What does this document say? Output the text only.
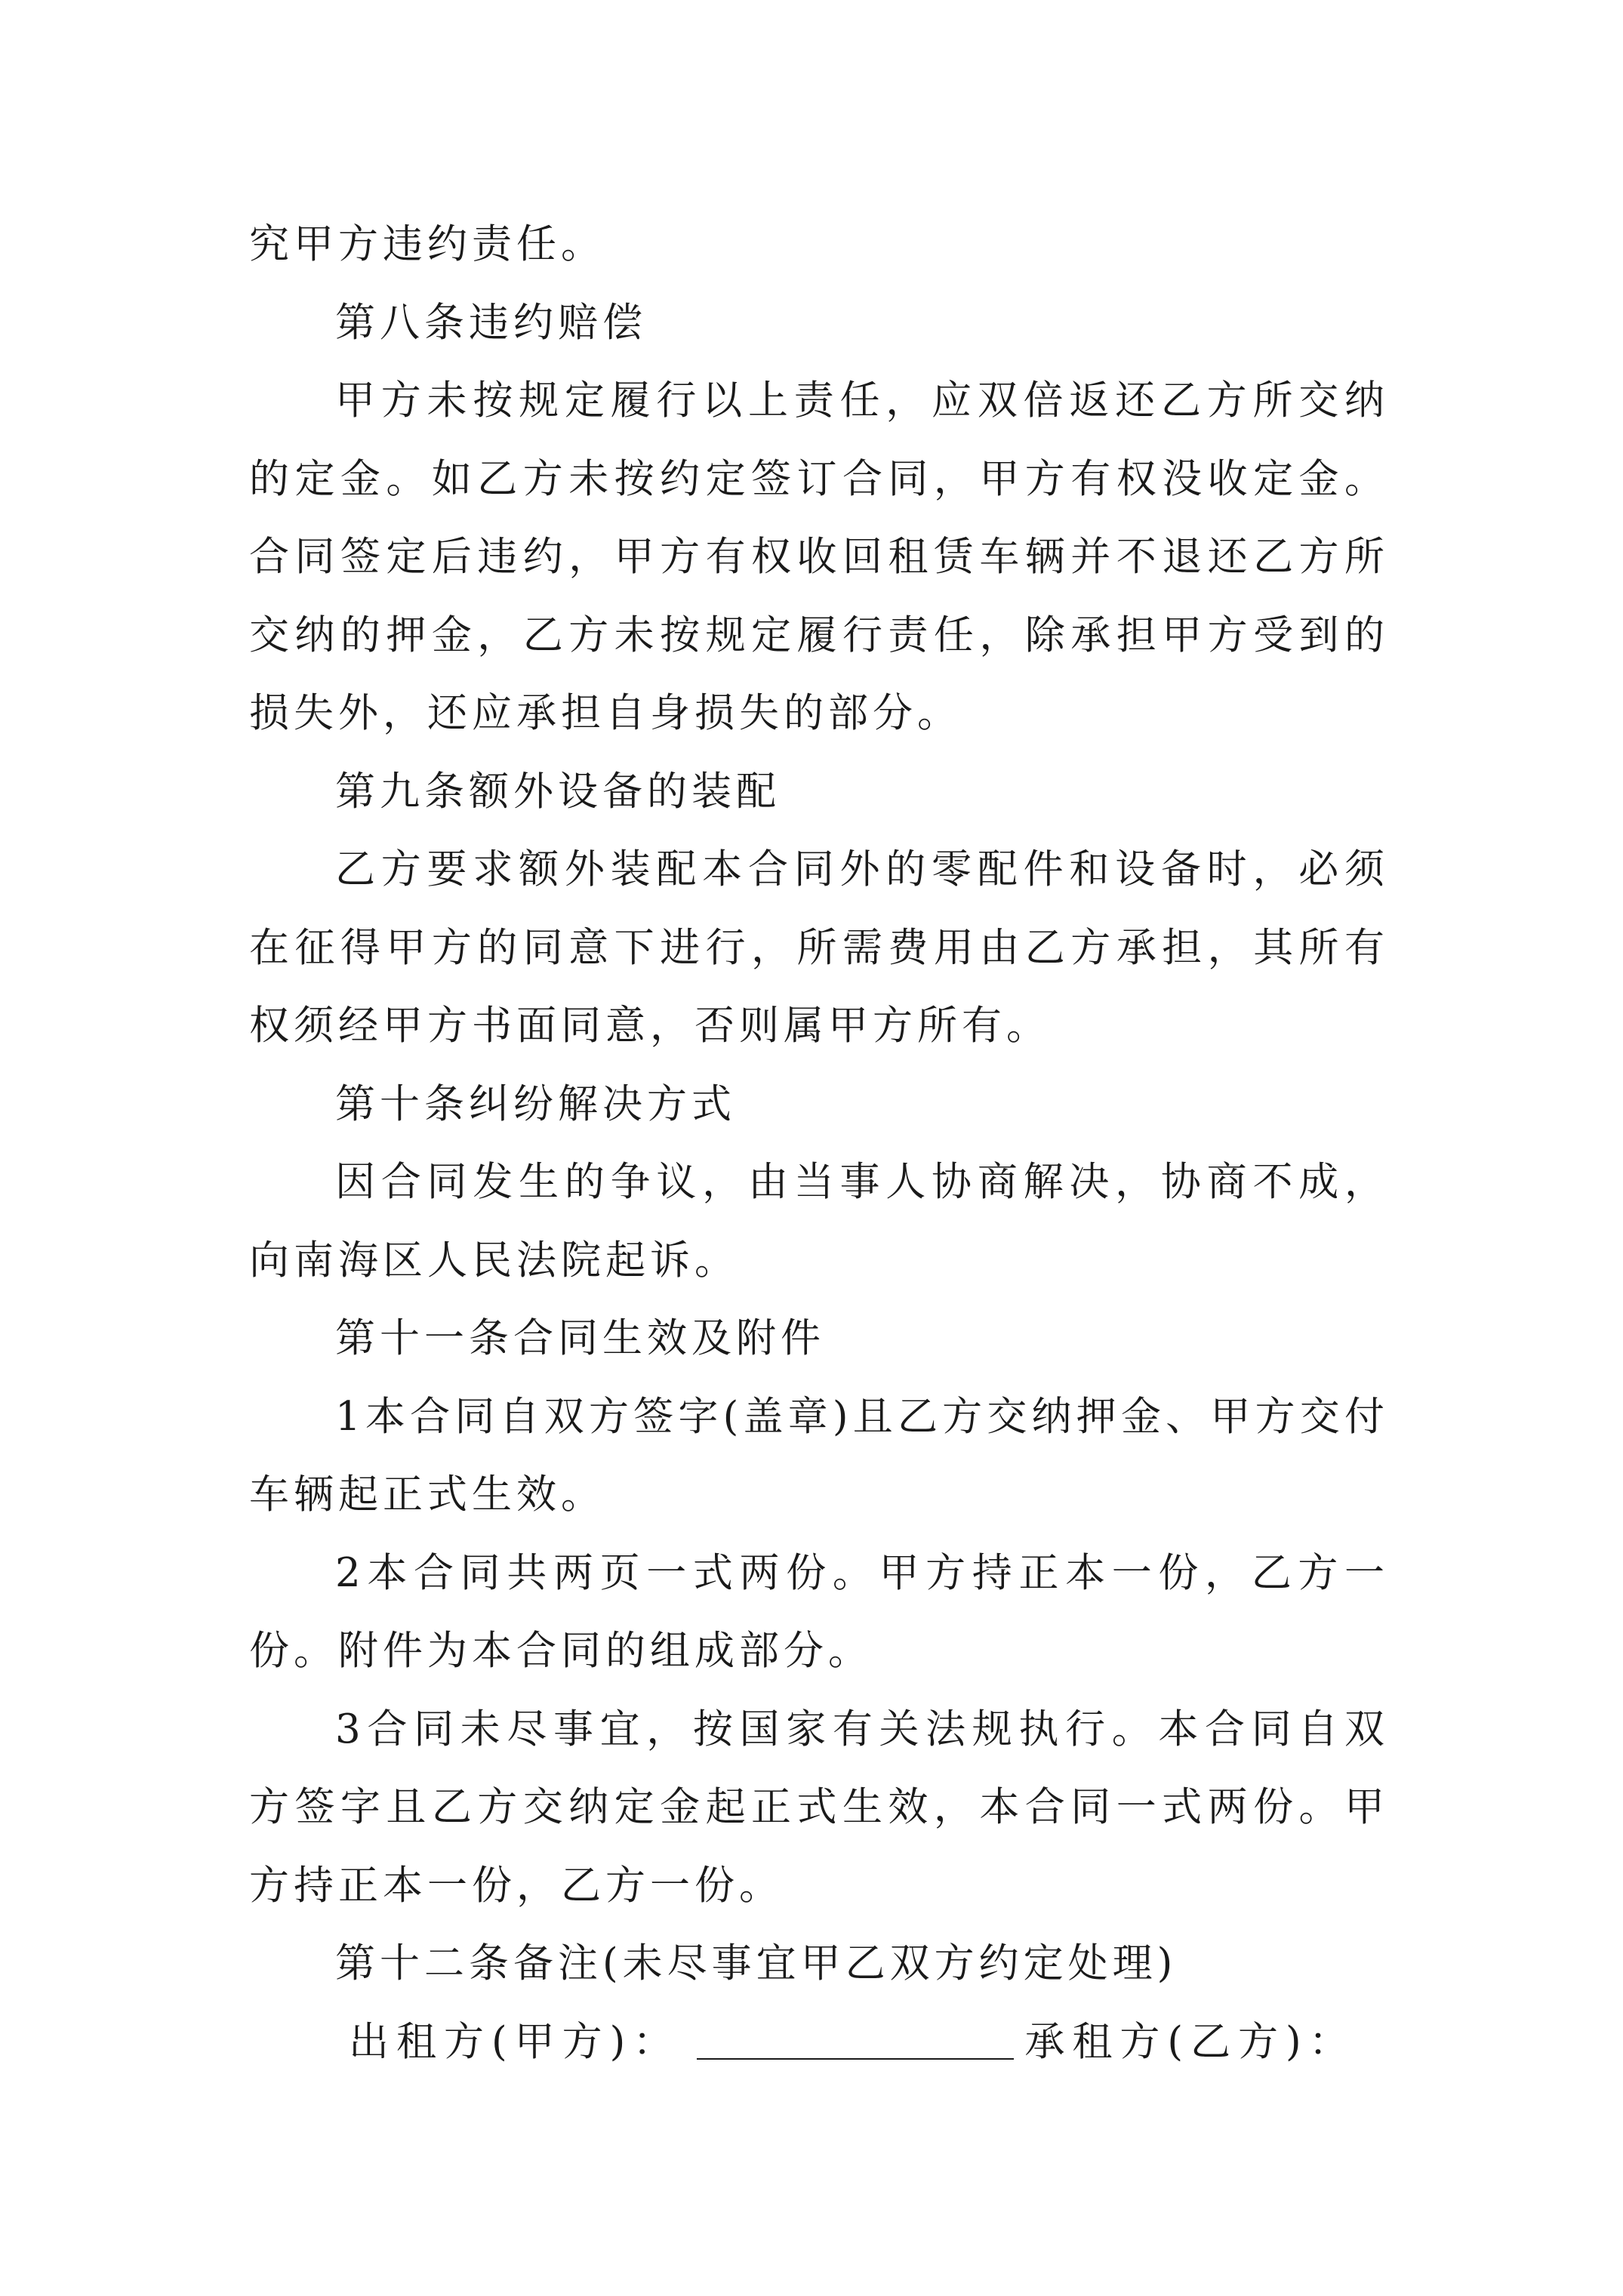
究甲方违约责任。

第八条违约赔偿

甲方未按规定履行以上责任，应双倍返还乙方所交纳的定金。如乙方未按约定签订合同，甲方有权没收定金。合同签定后违约，甲方有权收回租赁车辆并不退还乙方所交纳的押金，乙方未按规定履行责任，除承担甲方受到的损失外，还应承担自身损失的部分。

第九条额外设备的装配

乙方要求额外装配本合同外的零配件和设备时，必须在征得甲方的同意下进行，所需费用由乙方承担，其所有权须经甲方书面同意，否则属甲方所有。

第十条纠纷解决方式

因合同发生的争议，由当事人协商解决，协商不成，向南海区人民法院起诉。

第十一条合同生效及附件

1本合同自双方签字(盖章)且乙方交纳押金、甲方交付车辆起正式生效。

2本合同共两页一式两份。甲方持正本一份，乙方一份。附件为本合同的组成部分。

3合同未尽事宜，按国家有关法规执行。本合同自双方签字且乙方交纳定金起正式生效，本合同一式两份。甲方持正本一份，乙方一份。

第十二条备注(未尽事宜甲乙双方约定处理)

出租方(甲方)：	承租方(乙方)：
